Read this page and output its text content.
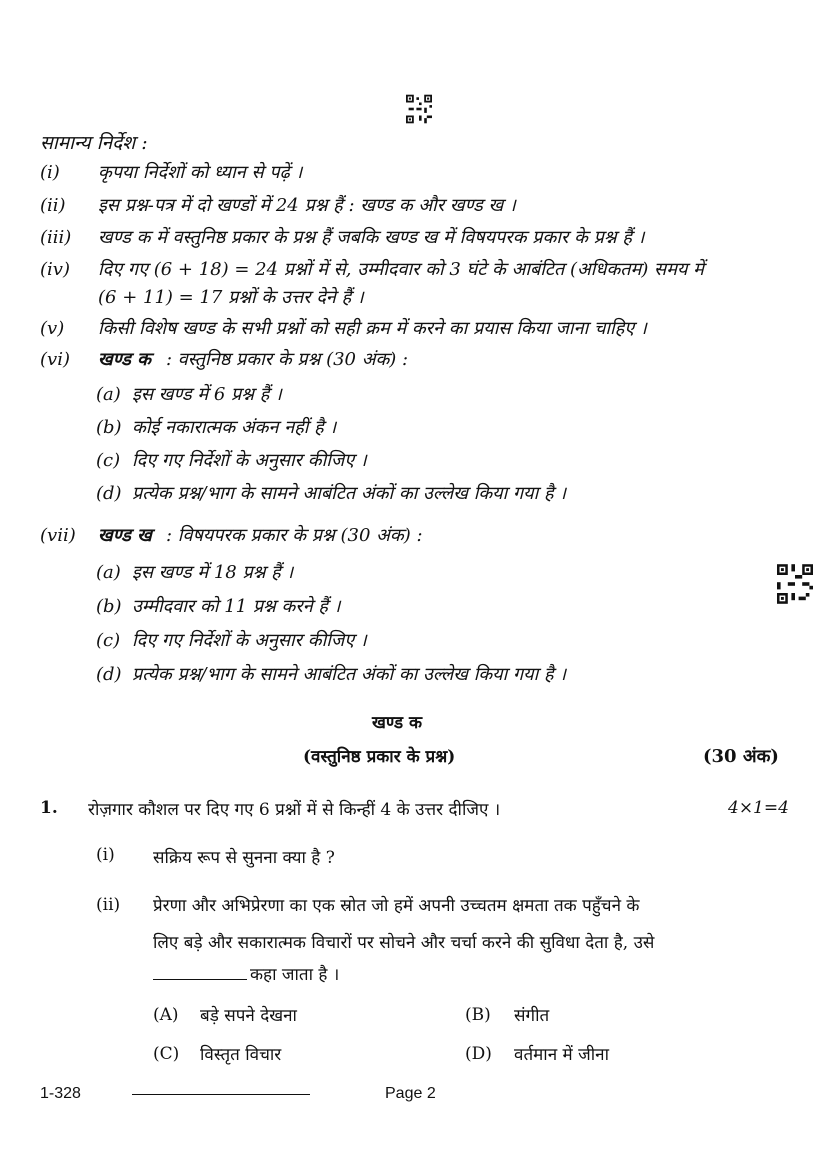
सामान्य निर्देश :
(i) कृपया निर्देशों को ध्यान से पढ़ें ।
(ii) इस प्रश्न-पत्र में दो खण्डों में 24 प्रश्न हैं : खण्ड क और खण्ड ख ।
(iii) खण्ड क में वस्तुनिष्ठ प्रकार के प्रश्न हैं जबकि खण्ड ख में विषयपरक प्रकार के प्रश्न हैं ।
(iv) दिए गए (6 + 18) = 24 प्रश्नों में से, उम्मीदवार को 3 घंटे के आबंटित (अधिकतम) समय में
(6 + 11) = 17 प्रश्नों के उत्तर देने हैं ।
(v) किसी विशेष खण्ड के सभी प्रश्नों को सही क्रम में करने का प्रयास किया जाना चाहिए ।
(vi) खण्ड क : वस्तुनिष्ठ प्रकार के प्रश्न (30 अंक) :
(a) इस खण्ड में 6 प्रश्न हैं ।
(b) कोई नकारात्मक अंकन नहीं है ।
(c) दिए गए निर्देशों के अनुसार कीजिए ।
(d) प्रत्येक प्रश्न/भाग के सामने आबंटित अंकों का उल्लेख किया गया है ।
(vii) खण्ड ख : विषयपरक प्रकार के प्रश्न (30 अंक) :
(a) इस खण्ड में 18 प्रश्न हैं ।
(b) उम्मीदवार को 11 प्रश्न करने हैं ।
(c) दिए गए निर्देशों के अनुसार कीजिए ।
(d) प्रत्येक प्रश्न/भाग के सामने आबंटित अंकों का उल्लेख किया गया है ।
खण्ड क
(वस्तुनिष्ठ प्रकार के प्रश्न)	(30 अंक)
1. रोज़गार कौशल पर दिए गए 6 प्रश्नों में से किन्हीं 4 के उत्तर दीजिए ।	4×1=4
(i) सक्रिय रूप से सुनना क्या है ?
(ii) प्रेरणा और अभिप्रेरणा का एक स्रोत जो हमें अपनी उच्चतम क्षमता तक पहुँचने के
लिए बड़े और सकारात्मक विचारों पर सोचने और चर्चा करने की सुविधा देता है, उसे
कहा जाता है ।
(A) बड़े सपने देखना	(B) संगीत
(C) विस्तृत विचार	(D) वर्तमान में जीना
1-328	Page 2
